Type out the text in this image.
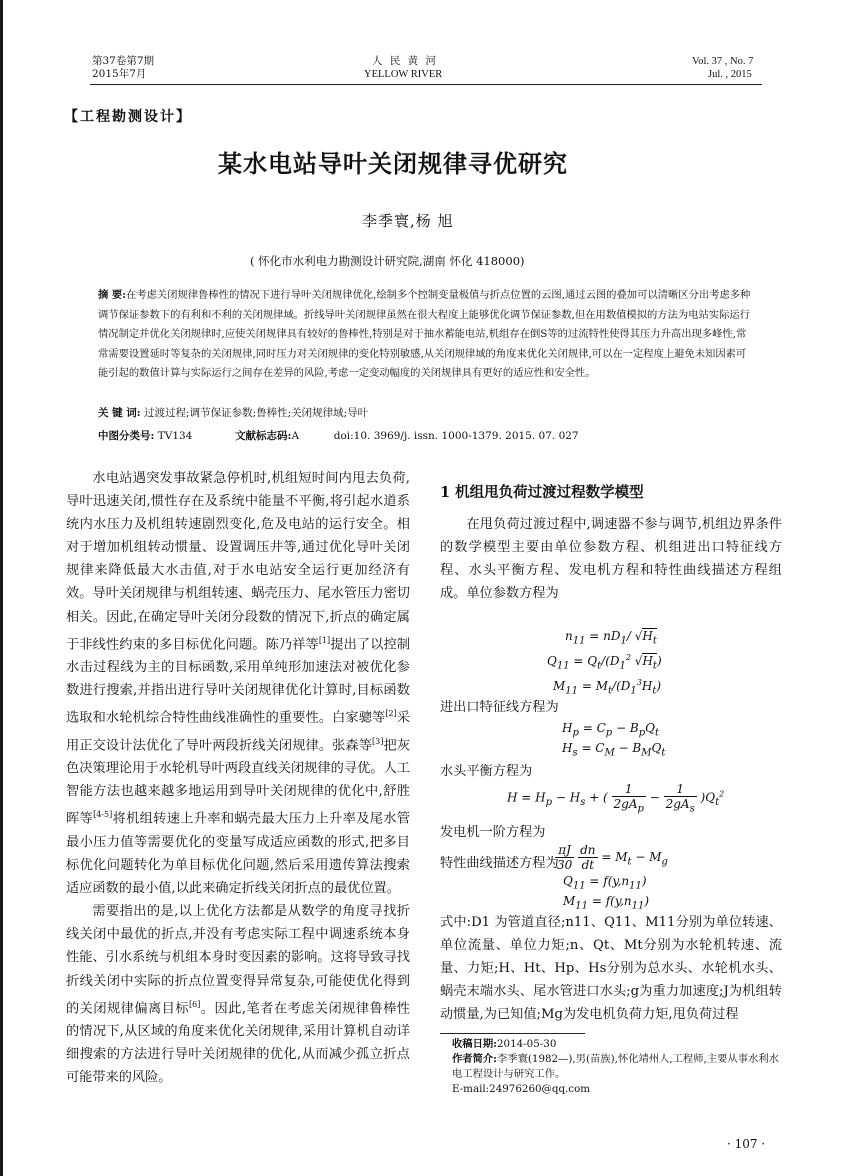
第37卷第7期
2015年7月
人 民 黄 河
YELLOW RIVER
Vol. 37 , No. 7
Jul. , 2015
【工程勘测设计】
某水电站导叶关闭规律寻优研究
李季寰,杨 旭
( 怀化市水利电力勘测设计研究院,湖南 怀化 418000)
摘 要:在考虑关闭规律鲁棒性的情况下进行导叶关闭规律优化,绘制多个控制变量极值与折点位置的云图,通过云图的叠加可以清晰区分出考虑多种调节保证参数下的有利和不利的关闭规律域。折线导叶关闭规律虽然在很大程度上能够优化调节保证参数,但在用数值模拟的方法为电站实际运行情况制定并优化关闭规律时,应使关闭规律具有较好的鲁棒性,特别是对于抽水蓄能电站,机组存在倒S等的过流特性使得其压力升高出现多峰性,常常需要设置延时等复杂的关闭规律,同时压力对关闭规律的变化特别敏感,从关闭规律域的角度来优化关闭规律,可以在一定程度上避免未知因素可能引起的数值计算与实际运行之间存在差异的风险,考虑一定变动幅度的关闭规律具有更好的适应性和安全性。
关 键 词: 过渡过程;调节保证参数;鲁棒性;关闭规律域;导叶
中图分类号: TV134	文献标志码:A	doi:10. 3969/j. issn. 1000-1379. 2015. 07. 027

水电站遇突发事故紧急停机时,机组短时间内甩去负荷,导叶迅速关闭,惯性存在及系统中能量不平衡,将引起水道系统内水压力及机组转速剧烈变化,危及电站的运行安全。相对于增加机组转动惯量、设置调压井等,通过优化导叶关闭规律来降低最大水击值,对于水电站安全运行更加经济有效。导叶关闭规律与机组转速、蜗壳压力、尾水管压力密切相关。因此,在确定导叶关闭分段数的情况下,折点的确定属于非线性约束的多目标优化问题。陈乃祥等[1]提出了以控制水击过程线为主的目标函数,采用单纯形加速法对被优化参数进行搜索,并指出进行导叶关闭规律优化计算时,目标函数选取和水轮机综合特性曲线准确性的重要性。白家骢等[2]采用正交设计法优化了导叶两段折线关闭规律。张森等[3]把灰色决策理论用于水轮机导叶两段直线关闭规律的寻优。人工智能方法也越来越多地运用到导叶关闭规律的优化中,舒胜晖等[4-5]将机组转速上升率和蜗壳最大压力上升率及尾水管最小压力值等需要优化的变量写成适应函数的形式,把多目标优化问题转化为单目标优化问题,然后采用遗传算法搜索适应函数的最小值,以此来确定折线关闭折点的最优位置。

需要指出的是,以上优化方法都是从数学的角度寻找折线关闭中最优的折点,并没有考虑实际工程中调速系统本身性能、引水系统与机组本身时变因素的影响。这将导致寻找折线关闭中实际的折点位置变得异常复杂,可能使优化得到的关闭规律偏离目标[6]。因此,笔者在考虑关闭规律鲁棒性的情况下,从区域的角度来优化关闭规律,采用计算机自动详细搜索的方法进行导叶关闭规律的优化,从而减少孤立折点可能带来的风险。

1 机组甩负荷过渡过程数学模型

在甩负荷过渡过程中,调速器不参与调节,机组边界条件的数学模型主要由单位参数方程、机组进出口特征线方程、水头平衡方程、发电机方程和特性曲线描述方程组成。单位参数方程为

$n_{11} = nD_1/$ $√H_t$
$Q_{11} = Q_t/(D_1^2$ $√H_t$)
$M_{11} = M_t/(D_1^3H_t)$
进出口特征线方程为
$H_p = C_p - B_pQ_t$
$H_s = C_M - B_MQ_t$
水头平衡方程为
$H = H_p - H_s$ + ( $\frac{1}{2gA_p} - \frac{1}{2gA_s} )Q_t^2$
发电机一阶方程为
$\frac{\pi J}{30}$
$\frac{dn}{dt} = M_t - M_g$
特性曲线描述方程为
$Q_{11} = f(y,n_{11})$
$M_{11} = f(y,n_{11})$
式中:D1 为管道直径;n11、Q11、M11分别为单位转速、单位流量、单位力矩;n、Qt、Mt分别为水轮机转速、流量、力矩;H、Ht、Hp、Hs分别为总水头、水轮机水头、蜗壳末端水头、尾水管进口水头;g为重力加速度;J为机组转动惯量,为已知值;Mg为发电机负荷力矩,甩负荷过程
收稿日期:2014-05-30
作者简介:李季寰(1982—),男(苗族),怀化靖州人,工程师,主要从事水利水电工程设计与研究工作。
E-mail:24976260@qq.com
· 107 ·
